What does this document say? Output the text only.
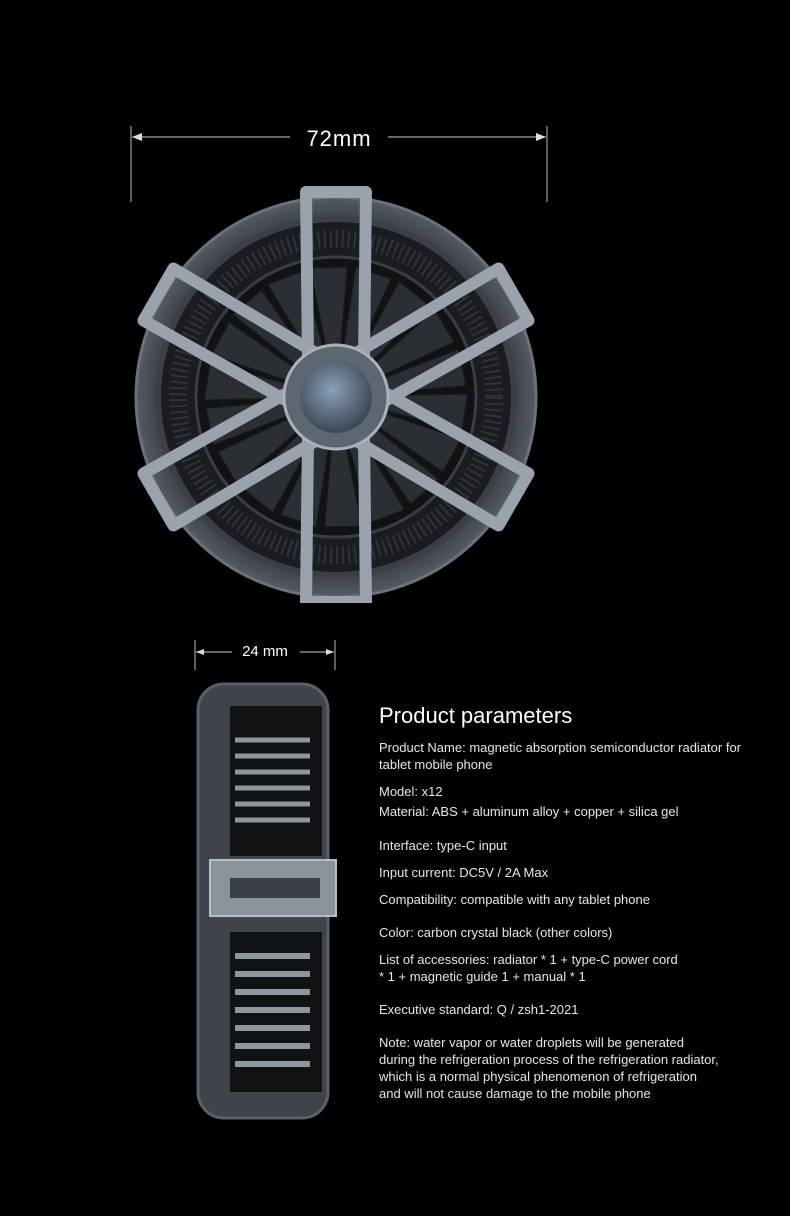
72mm
24 mm
Product parameters

Product Name: magnetic absorption semiconductor radiator for tablet mobile phone

Model: x12

Material: ABS + aluminum alloy + copper + silica gel

Interface: type-C input

Input current: DC5V / 2A Max

Compatibility: compatible with any tablet phone

Color: carbon crystal black (other colors)

List of accessories: radiator * 1 + type-C power cord * 1 + magnetic guide 1 + manual * 1

Executive standard: Q / zsh1-2021

Note: water vapor or water droplets will be generated during the refrigeration process of the refrigeration radiator, which is a normal physical phenomenon of refrigeration and will not cause damage to the mobile phone
